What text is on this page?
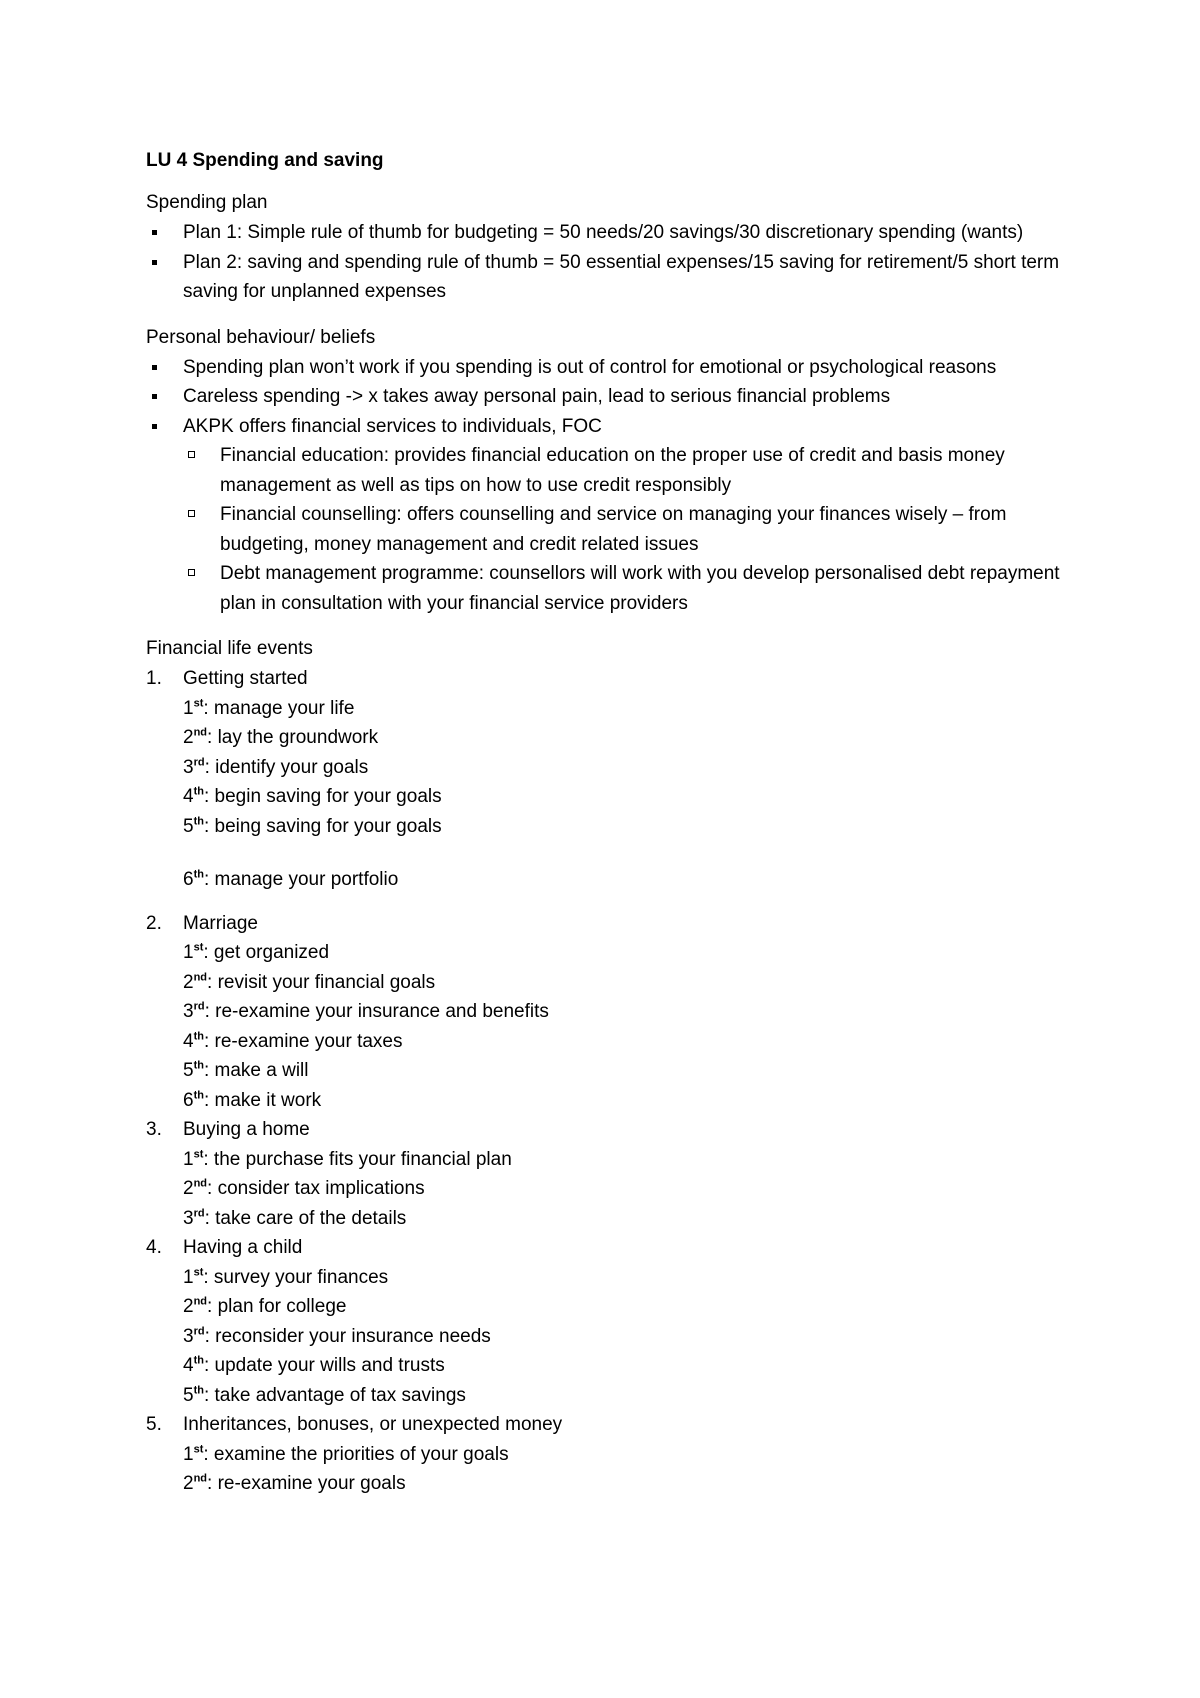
LU 4 Spending and saving

Spending plan

Plan 1: Simple rule of thumb for budgeting = 50 needs/20 savings/30 discretionary spending (wants)
Plan 2: saving and spending rule of thumb = 50 essential expenses/15 saving for retirement/5 short term saving for unplanned expenses

Personal behaviour/ beliefs

Spending plan won’t work if you spending is out of control for emotional or psychological reasons
Careless spending -> x takes away personal pain, lead to serious financial problems
AKPK offers financial services to individuals, FOC
Financial education: provides financial education on the proper use of credit and basis money management as well as tips on how to use credit responsibly
Financial counselling: offers counselling and service on managing your finances wisely – from budgeting, money management and credit related issues
Debt management programme: counsellors will work with you develop personalised debt repayment plan in consultation with your financial service providers

Financial life events

1. Getting started
1st: manage your life
2nd: lay the groundwork
3rd: identify your goals
4th: begin saving for your goals
5th: being saving for your goals
6th: manage your portfolio
2. Marriage
1st: get organized
2nd: revisit your financial goals
3rd: re-examine your insurance and benefits
4th: re-examine your taxes
5th: make a will
6th: make it work
3. Buying a home
1st: the purchase fits your financial plan
2nd: consider tax implications
3rd: take care of the details
4. Having a child
1st: survey your finances
2nd: plan for college
3rd: reconsider your insurance needs
4th: update your wills and trusts
5th: take advantage of tax savings
5. Inheritances, bonuses, or unexpected money
1st: examine the priorities of your goals
2nd: re-examine your goals
